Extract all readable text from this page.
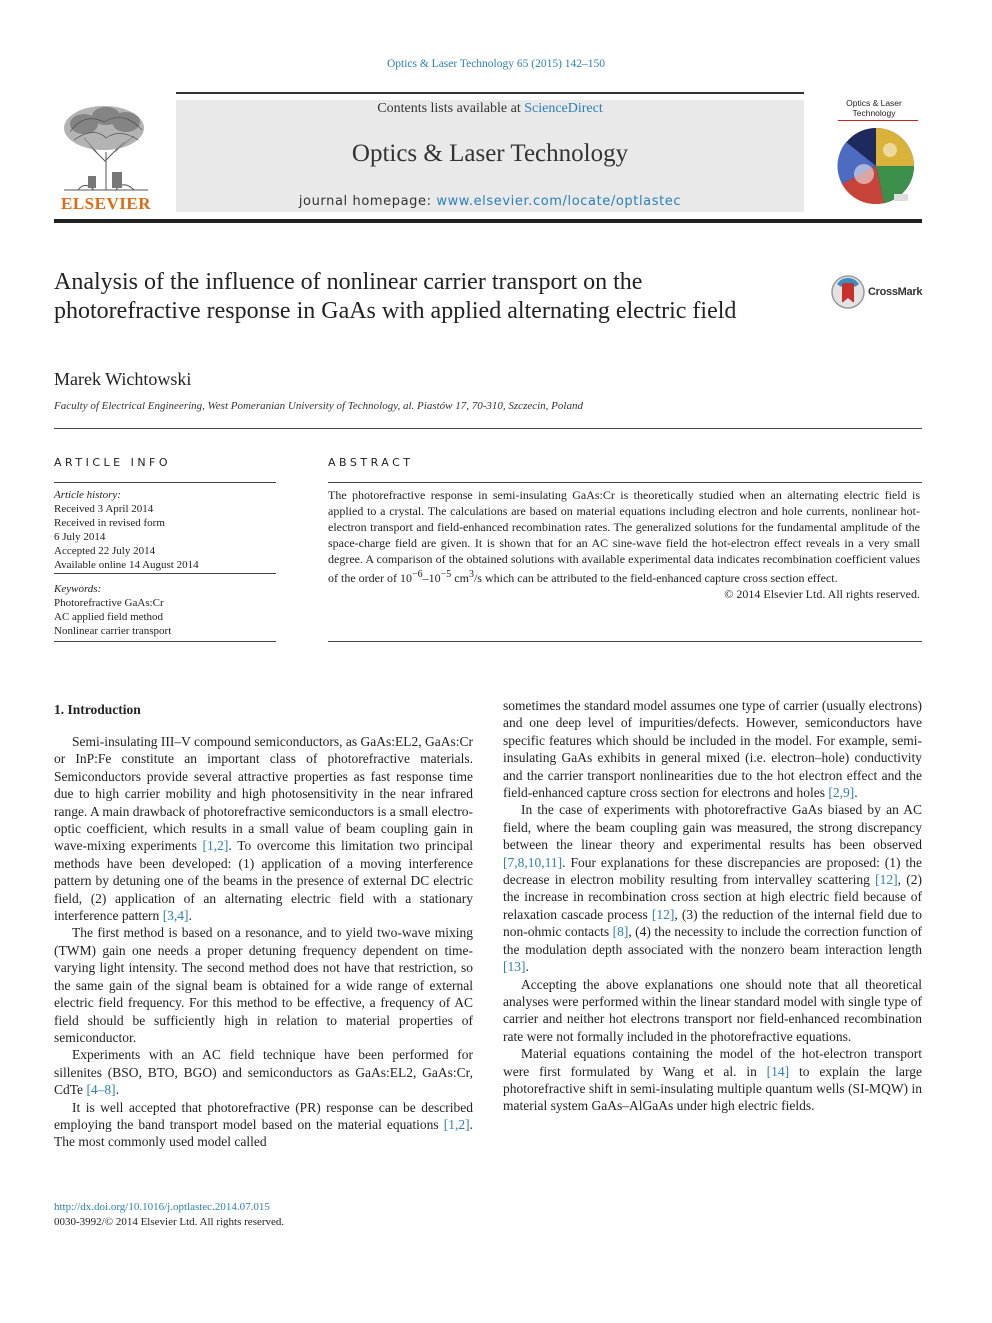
Optics & Laser Technology 65 (2015) 142–150
ELSEVIER
Contents lists available at ScienceDirect
Optics & Laser Technology
journal homepage: www.elsevier.com/locate/optlastec
Optics & Laser Technology
Analysis of the influence of nonlinear carrier transport on the photorefractive response in GaAs with applied alternating electric field
CrossMark
Marek Wichtowski
Faculty of Electrical Engineering, West Pomeranian University of Technology, al. Piastów 17, 70-310, Szczecin, Poland
ARTICLE INFO	ABSTRACT
Article history:
Received 3 April 2014
Received in revised form
6 July 2014
Accepted 22 July 2014
Available online 14 August 2014
Keywords:
Photorefractive GaAs:Cr
AC applied field method
Nonlinear carrier transport
The photorefractive response in semi-insulating GaAs:Cr is theoretically studied when an alternating electric field is applied to a crystal. The calculations are based on material equations including electron and hole currents, nonlinear hot-electron transport and field-enhanced recombination rates. The generalized solutions for the fundamental amplitude of the space-charge field are given. It is shown that for an AC sine-wave field the hot-electron effect reveals in a very small degree. A comparison of the obtained solutions with available experimental data indicates recombination coefficient values of the order of $10^{-6}-10^{-5}$ $cm^3/s$ which can be attributed to the field-enhanced capture cross section effect.
© 2014 Elsevier Ltd. All rights reserved.
1. Introduction

Semi-insulating III–V compound semiconductors, as GaAs:EL2, GaAs:Cr or InP:Fe constitute an important class of photorefractive materials. Semiconductors provide several attractive properties as fast response time due to high carrier mobility and high photosensitivity in the near infrared range. A main drawback of photorefractive semiconductors is a small electro-optic coefficient, which results in a small value of beam coupling gain in wave-mixing experiments [1,2]. To overcome this limitation two principal methods have been developed: (1) application of a moving interference pattern by detuning one of the beams in the presence of external DC electric field, (2) application of an alternating electric field with a stationary interference pattern [3,4].

The first method is based on a resonance, and to yield two-wave mixing (TWM) gain one needs a proper detuning frequency dependent on time-varying light intensity. The second method does not have that restriction, so the same gain of the signal beam is obtained for a wide range of external electric field frequency. For this method to be effective, a frequency of AC field should be sufficiently high in relation to material properties of semiconductor.

Experiments with an AC field technique have been performed for sillenites (BSO, BTO, BGO) and semiconductors as GaAs:EL2, GaAs:Cr, CdTe [4–8].

It is well accepted that photorefractive (PR) response can be described employing the band transport model based on the material equations [1,2]. The most commonly used model called

sometimes the standard model assumes one type of carrier (usually electrons) and one deep level of impurities/defects. However, semiconductors have specific features which should be included in the model. For example, semi-insulating GaAs exhibits in general mixed (i.e. electron–hole) conductivity and the carrier transport nonlinearities due to the hot electron effect and the field-enhanced capture cross section for electrons and holes [2,9].

In the case of experiments with photorefractive GaAs biased by an AC field, where the beam coupling gain was measured, the strong discrepancy between the linear theory and experimental results has been observed [7,8,10,11]. Four explanations for these discrepancies are proposed: (1) the decrease in electron mobility resulting from intervalley scattering [12], (2) the increase in recombination cross section at high electric field because of relaxation cascade process [12], (3) the reduction of the internal field due to non-ohmic contacts [8], (4) the necessity to include the correction function of the modulation depth associated with the nonzero beam interaction length [13].

Accepting the above explanations one should note that all theoretical analyses were performed within the linear standard model with single type of carrier and neither hot electrons transport nor field-enhanced recombination rate were not formally included in the photorefractive equations.

Material equations containing the model of the hot-electron transport were first formulated by Wang et al. in [14] to explain the large photorefractive shift in semi-insulating multiple quantum wells (SI-MQW) in material system GaAs–AlGaAs under high electric fields.

http://dx.doi.org/10.1016/j.optlastec.2014.07.015
0030-3992/© 2014 Elsevier Ltd. All rights reserved.
